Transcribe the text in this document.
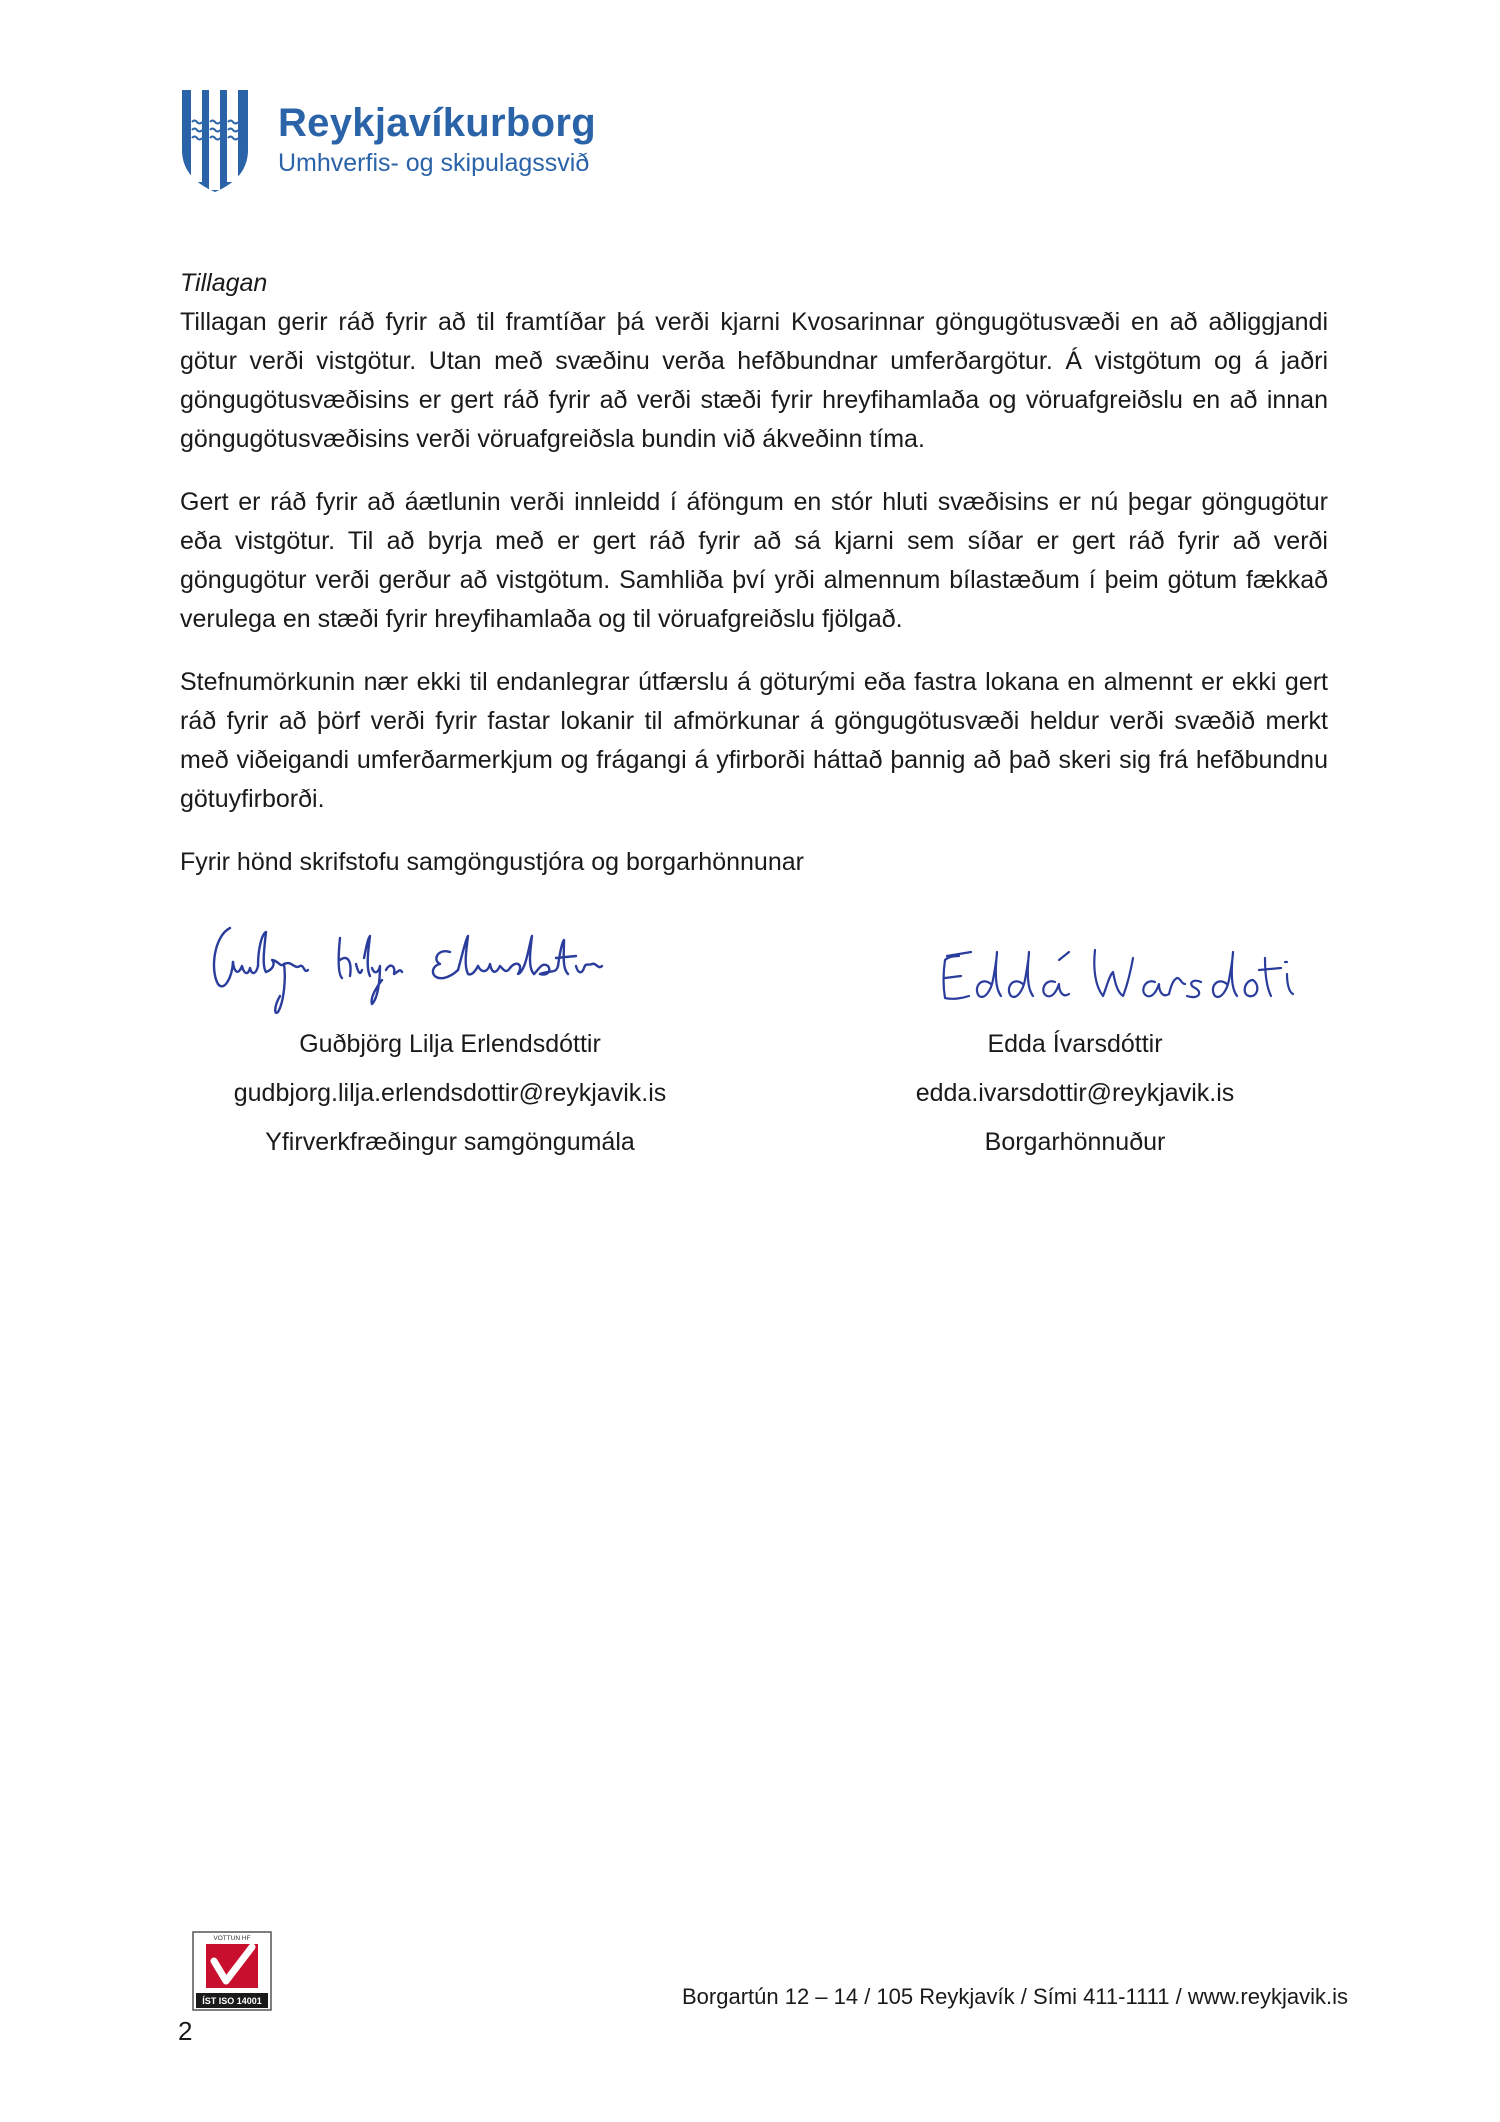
Reykjavíkurborg
Umhverfis- og skipulagssvið

Tillagan

Tillagan gerir ráð fyrir að til framtíðar þá verði kjarni Kvosarinnar göngugötusvæði en að aðliggjandi götur verði vistgötur. Utan með svæðinu verða hefðbundnar umferðargötur. Á vistgötum og á jaðri göngugötusvæðisins er gert ráð fyrir að verði stæði fyrir hreyfihamlaða og vöruafgreiðslu en að innan göngugötusvæðisins verði vöruafgreiðsla bundin við ákveðinn tíma.

Gert er ráð fyrir að áætlunin verði innleidd í áföngum en stór hluti svæðisins er nú þegar göngugötur eða vistgötur. Til að byrja með er gert ráð fyrir að sá kjarni sem síðar er gert ráð fyrir að verði göngugötur verði gerður að vistgötum. Samhliða því yrði almennum bílastæðum í þeim götum fækkað verulega en stæði fyrir hreyfihamlaða og til vöruafgreiðslu fjölgað.

Stefnumörkunin nær ekki til endanlegrar útfærslu á göturými eða fastra lokana en almennt er ekki gert ráð fyrir að þörf verði fyrir fastar lokanir til afmörkunar á göngugötusvæði heldur verði svæðið merkt með viðeigandi umferðarmerkjum og frágangi á yfirborði háttað þannig að það skeri sig frá hefðbundnu götuyfirborði.

Fyrir hönd skrifstofu samgöngustjóra og borgarhönnunar

Guðbjörg Lilja Erlendsdóttir
gudbjorg.lilja.erlendsdottir@reykjavik.is
Yfirverkfræðingur samgöngumála
Edda Ívarsdóttir
edda.ivarsdottir@reykjavik.is
Borgarhönnuður
VOTTUN HF
ÍST ISO 14001	Borgartún 12 – 14 / 105 Reykjavík / Sími 411-1111 / www.reykjavik.is
2
